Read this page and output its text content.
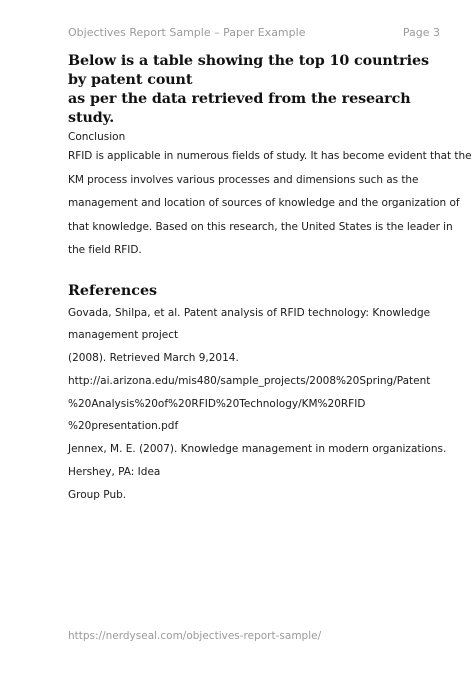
Objectives Report Sample – Paper Example	Page 3
Below is a table showing the top 10 countries by patent count
as per the data retrieved from the research study.
Conclusion
RFID is applicable in numerous fields of study. It has become evident that the
KM process involves various processes and dimensions such as the
management and location of sources of knowledge and the organization of
that knowledge. Based on this research, the United States is the leader in
the field RFID.
References
Govada, Shilpa, et al. Patent analysis of RFID technology: Knowledge
management project
(2008). Retrieved March 9,2014.
http://ai.arizona.edu/mis480/sample_projects/2008%20Spring/Patent
%20Analysis%20of%20RFID%20Technology/KM%20RFID
%20presentation.pdf
Jennex, M. E. (2007). Knowledge management in modern organizations.
Hershey, PA: Idea
Group Pub.
https://nerdyseal.com/objectives-report-sample/
